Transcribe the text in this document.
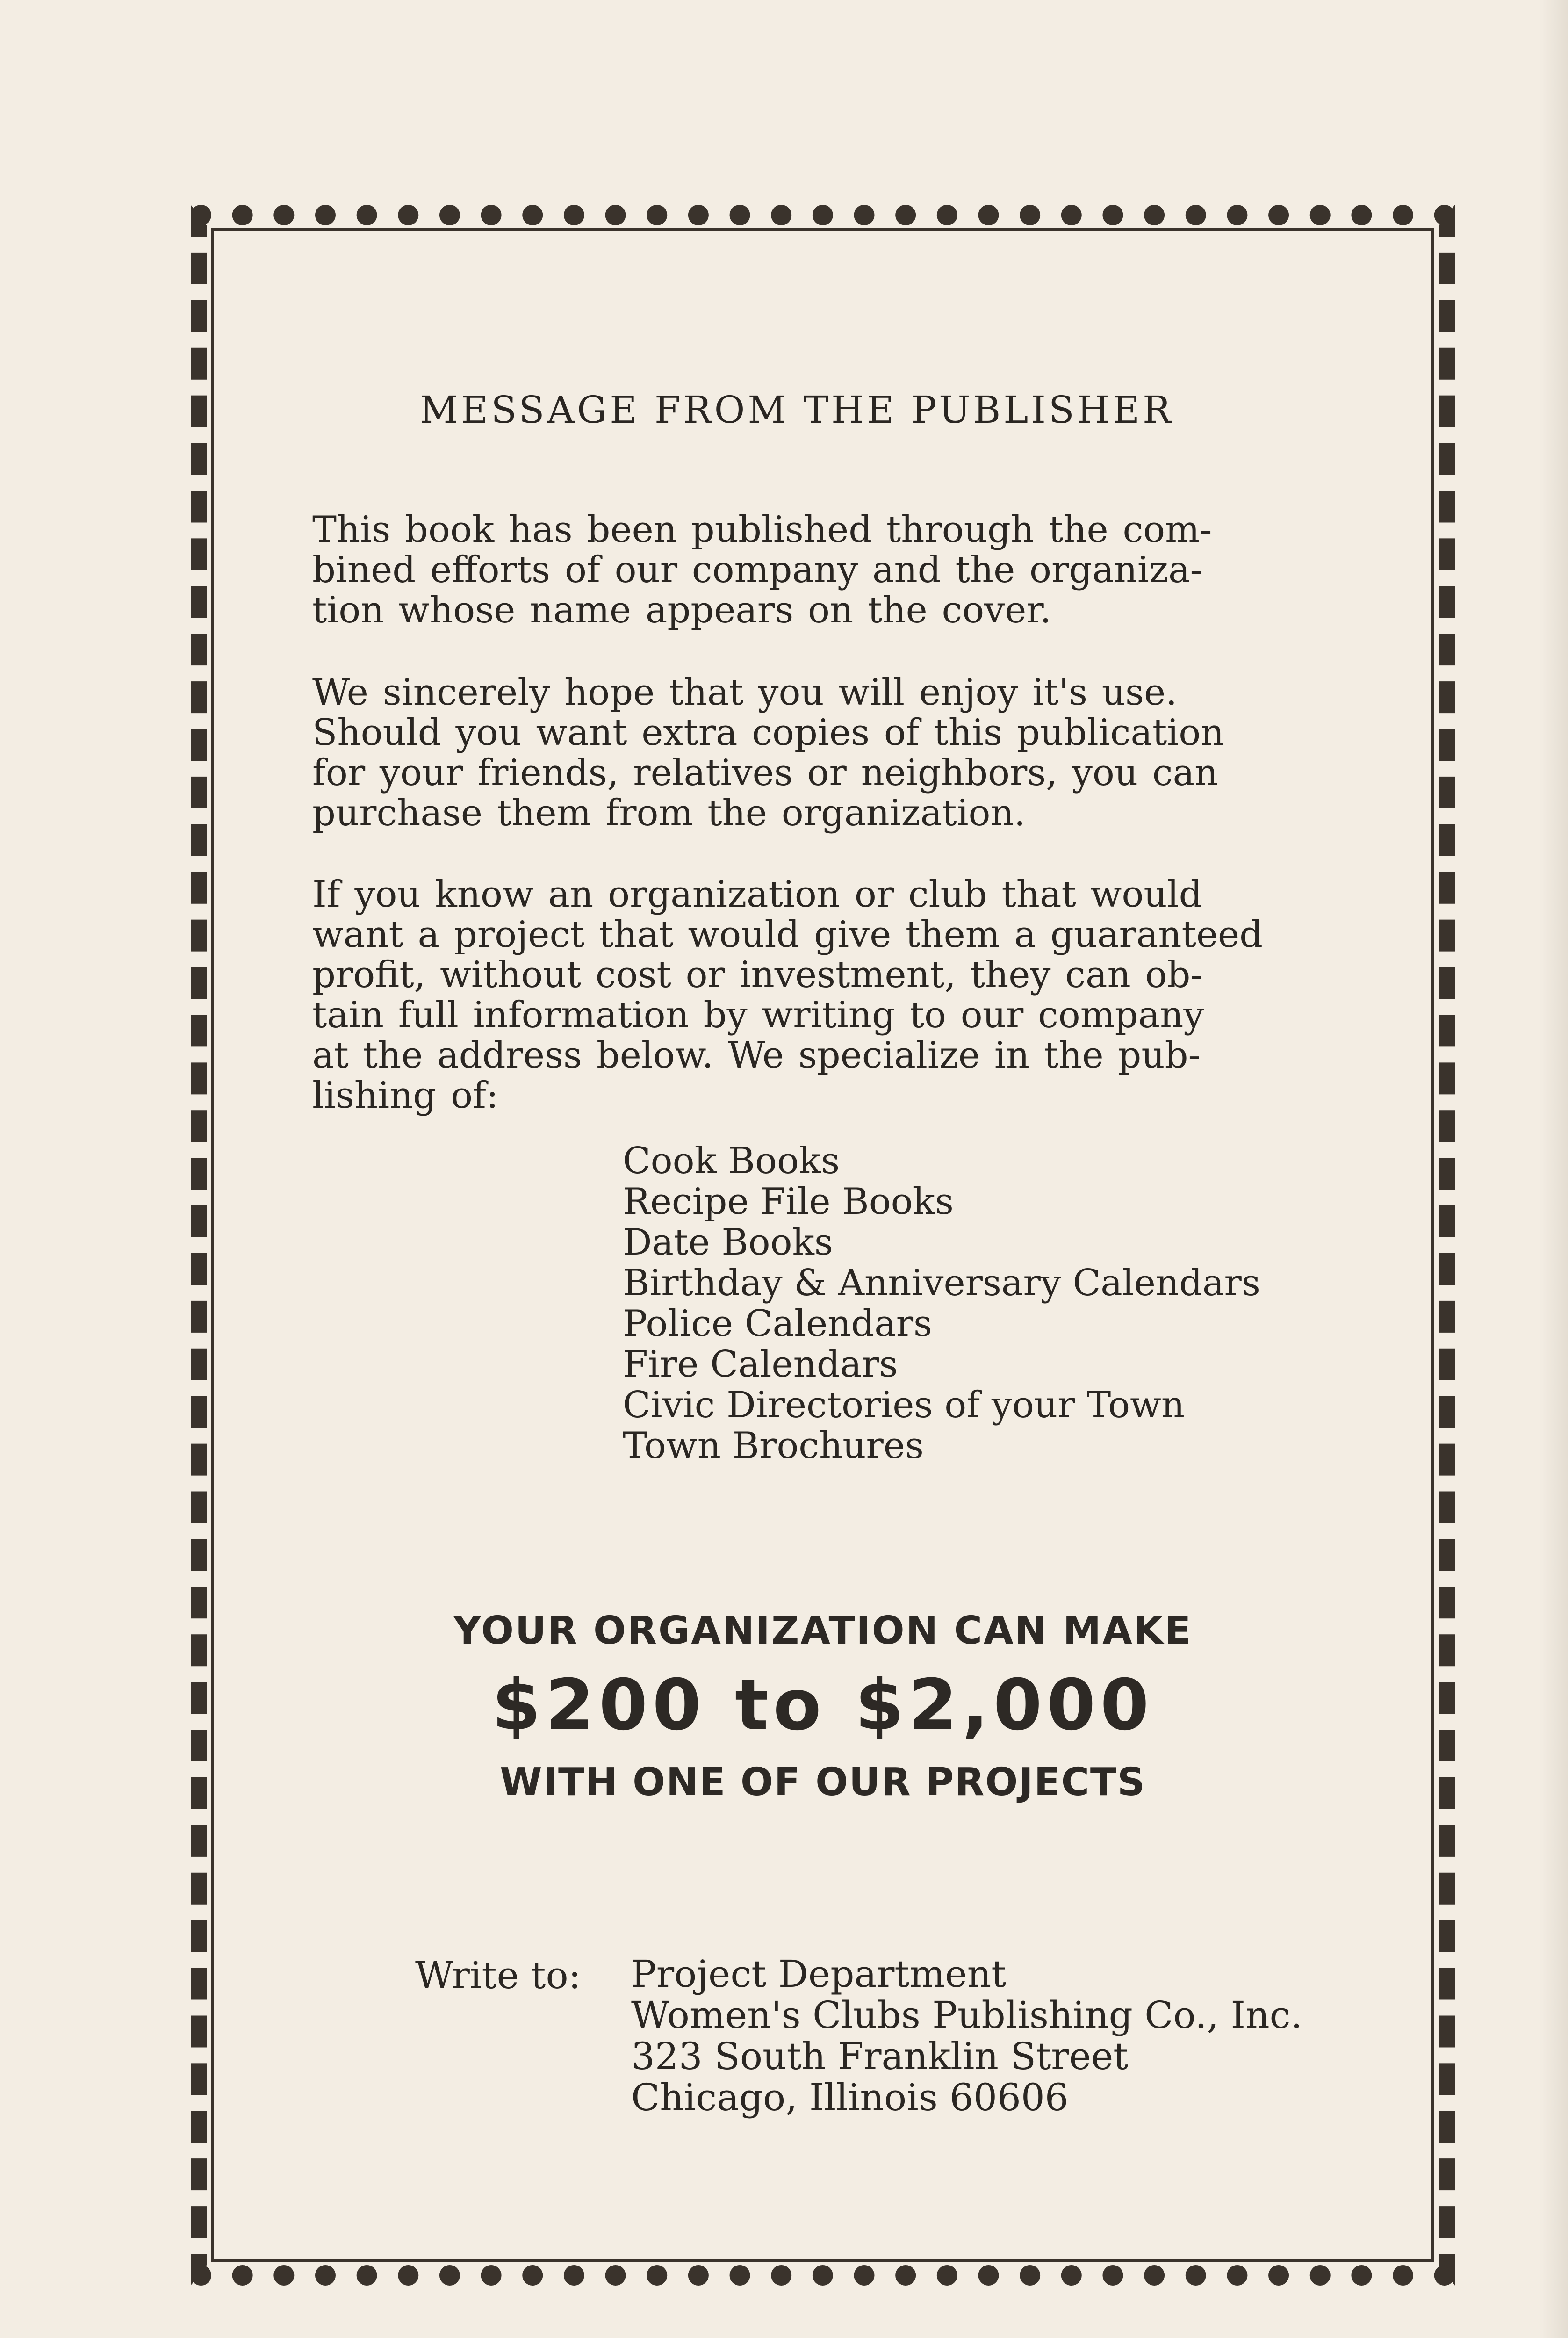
MESSAGE FROM THE PUBLISHER
This book has been published through the com-
bined efforts of our company and the organiza-
tion whose name appears on the cover.
We sincerely hope that you will enjoy it's use.
Should you want extra copies of this publication
for your friends, relatives or neighbors, you can
purchase them from the organization.
If you know an organization or club that would
want a project that would give them a guaranteed
profit, without cost or investment, they can ob-
tain full information by writing to our company
at the address below. We specialize in the pub-
lishing of:
Cook Books
Recipe File Books
Date Books
Birthday & Anniversary Calendars
Police Calendars
Fire Calendars
Civic Directories of your Town
Town Brochures
YOUR ORGANIZATION CAN MAKE
$200 to $2,000
WITH ONE OF OUR PROJECTS
Write to: Project Department
Women's Clubs Publishing Co., Inc.
323 South Franklin Street
Chicago, Illinois 60606
